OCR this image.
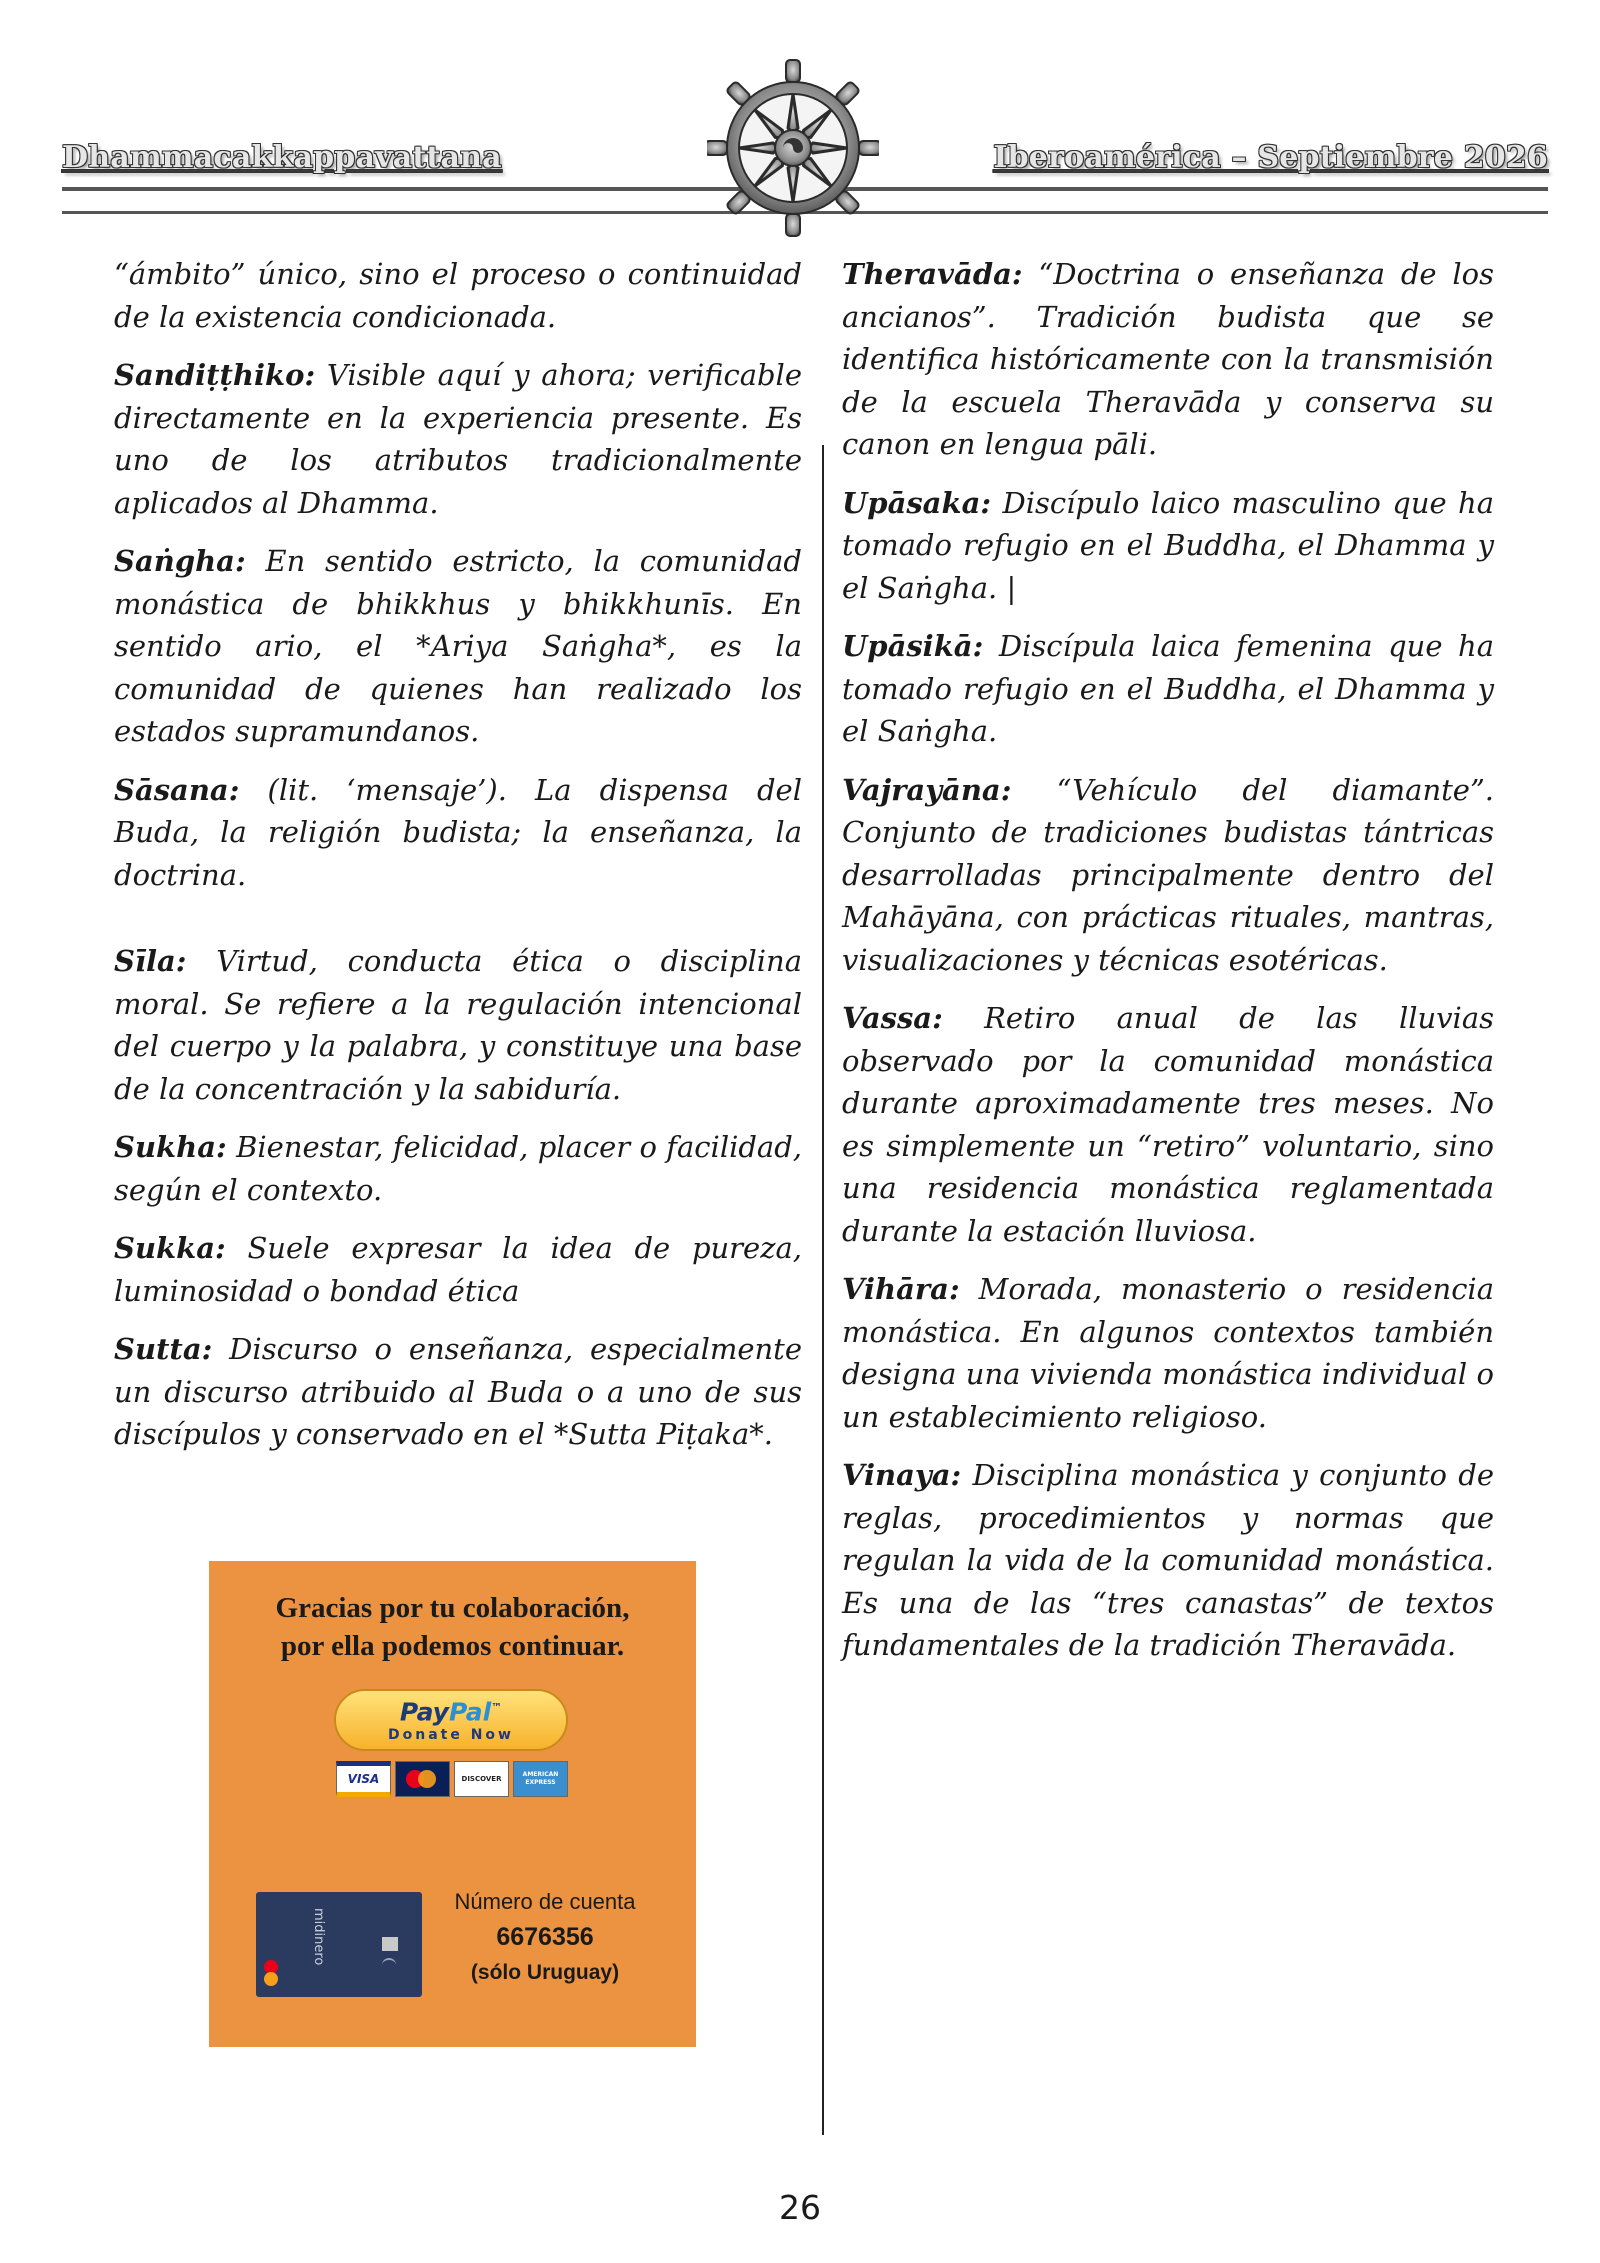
Dhammacakkappavattana	Iberoamérica – Septiembre 2026

“ámbito” único, sino el proceso o continuidad de la existencia condicionada.

Sandiṭṭhiko: Visible aquí y ahora; verificable directamente en la experiencia presente. Es uno de los atributos tradicionalmente aplicados al Dhamma.

Saṅgha: En sentido estricto, la comunidad monástica de bhikkhus y bhikkhunīs. En sentido ario, el *Ariya Saṅgha*, es la comunidad de quienes han realizado los estados supramundanos.

Sāsana: (lit. ‘mensaje’). La dispensa del Buda, la religión budista; la enseñanza, la doctrina.

Sīla: Virtud, conducta ética o disciplina moral. Se refiere a la regulación intencional del cuerpo y la palabra, y constituye una base de la concentración y la sabiduría.

Sukha: Bienestar, felicidad, placer o facilidad, según el contexto.

Sukka: Suele expresar la idea de pureza, luminosidad o bondad ética

Sutta: Discurso o enseñanza, especialmente un discurso atribuido al Buda o a uno de sus discípulos y conservado en el *Sutta Piṭaka*.

Theravāda: “Doctrina o enseñanza de los ancianos”. Tradición budista que se identifica históricamente con la transmisión de la escuela Theravāda y conserva su canon en lengua pāli.

Upāsaka: Discípulo laico masculino que ha tomado refugio en el Buddha, el Dhamma y el Saṅgha. |

Upāsikā: Discípula laica femenina que ha tomado refugio en el Buddha, el Dhamma y el Saṅgha.

Vajrayāna: “Vehículo del diamante”. Conjunto de tradiciones budistas tántricas desarrolladas principalmente dentro del Mahāyāna, con prácticas rituales, mantras, visualizaciones y técnicas esotéricas.

Vassa: Retiro anual de las lluvias observado por la comunidad monástica durante aproximadamente tres meses. No es simplemente un “retiro” voluntario, sino una residencia monástica reglamentada durante la estación lluviosa.

Vihāra: Morada, monasterio o residencia monástica. En algunos contextos también designa una vivienda monástica individual o un establecimiento religioso.

Vinaya: Disciplina monástica y conjunto de reglas, procedimientos y normas que regulan la vida de la comunidad monástica. Es una de las “tres canastas” de textos fundamentales de la tradición Theravāda.

Gracias por tu colaboración,
por ella podemos continuar.
PayPal™
Donate Now
VISA	DISCOVER
AMERICAN EXPRESS
midinero
Número de cuenta
6676356
(sólo Uruguay)
26
